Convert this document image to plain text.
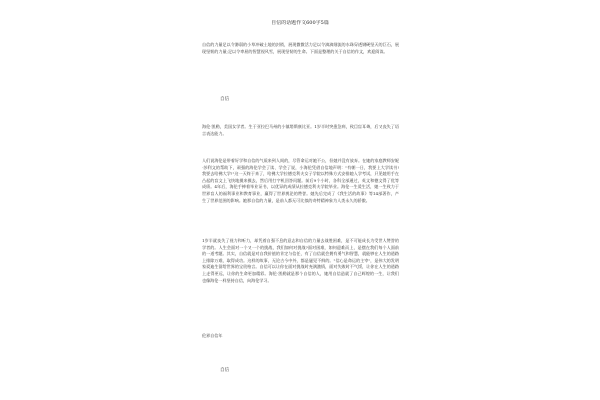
自信的话题作文600字5篇

自信的力量足以令渺弱的小草冲破土地的封锁，展现微微活力足以令滴滴细流的水珠穿透钢硬坚天的巨石，展现坚韧的力量;足以令卑屈的智慧视风雪，展现坚韧的生命。下面是整理的关于自信的作文，欢迎阅读。

自信

海伦·凯勒，美国女学者。生于亚拉巴马州的小镇塔斯康比亚。1岁半时突患急病，致目盲耳聋，后又丧失了语言表达能力。

人们说海伦是带着好学和自信的气质来到人间的，尽管命运对她不公，但她并没有放弃。在她的家庭教师安妮·莎利文的帮助下，顽强的海伦学会了读、学会了说，小海伦凭借自信地声明："有朝一日，我要上大学读书!我要去哈佛大学!"这一天终于来了，哈佛大学拉德克利夫女子学院以特殊方式安排她入学考试，只见她用手在凸起的盲文上飞快地摸来摸去，然后用打字机回答问题。前后9个小时，各科全部通过，英文和德文得了优等成绩。4年后，海伦手捧着毕业证书，以优异的成绩从拉德克利夫学院毕业。海伦一生爱生活，她一生致力于世界盲人的福利事业和教育事业，赢得了世界舆论的赞誉。她先后完成了《我生活的故事》等14部著作，产生了世界范围的影响。她那自信的力量，是前人都无可比拟的奇特精神象为人类永久的骄傲。

1岁半就丧失了视力和听力，却凭着自强不息的意志和自信的力量去战胜困难，是不可能成长为受世人赞誉的学者的。人生会面对一个又一个的挑战，我们如何对挑战?面对困难，如何迎难而上，是摆在我们每个人面前的一道考题。其实，自信就是对自我价值的肯定与信任，有了自信就会拥有勇气和智慧，就能够在人生的道路上排除万难，取得成功。这样的故事，无论古今中外，都是屡见不鲜的。"信心是命运的主宰"，是伟大的发明家爱迪生留给世界的宝贵格言。自信可以让你在面对挑战时充满激情，面对失败时不气馁，让你在人生的道路上走得更远，让你的生命更加精彩。海伦·凯勒就是那个自信的人，她用自信造就了自己辉煌的一生，让我们也像海伦一样坚持自信，向海伦学习。

伦界自信年

自信
